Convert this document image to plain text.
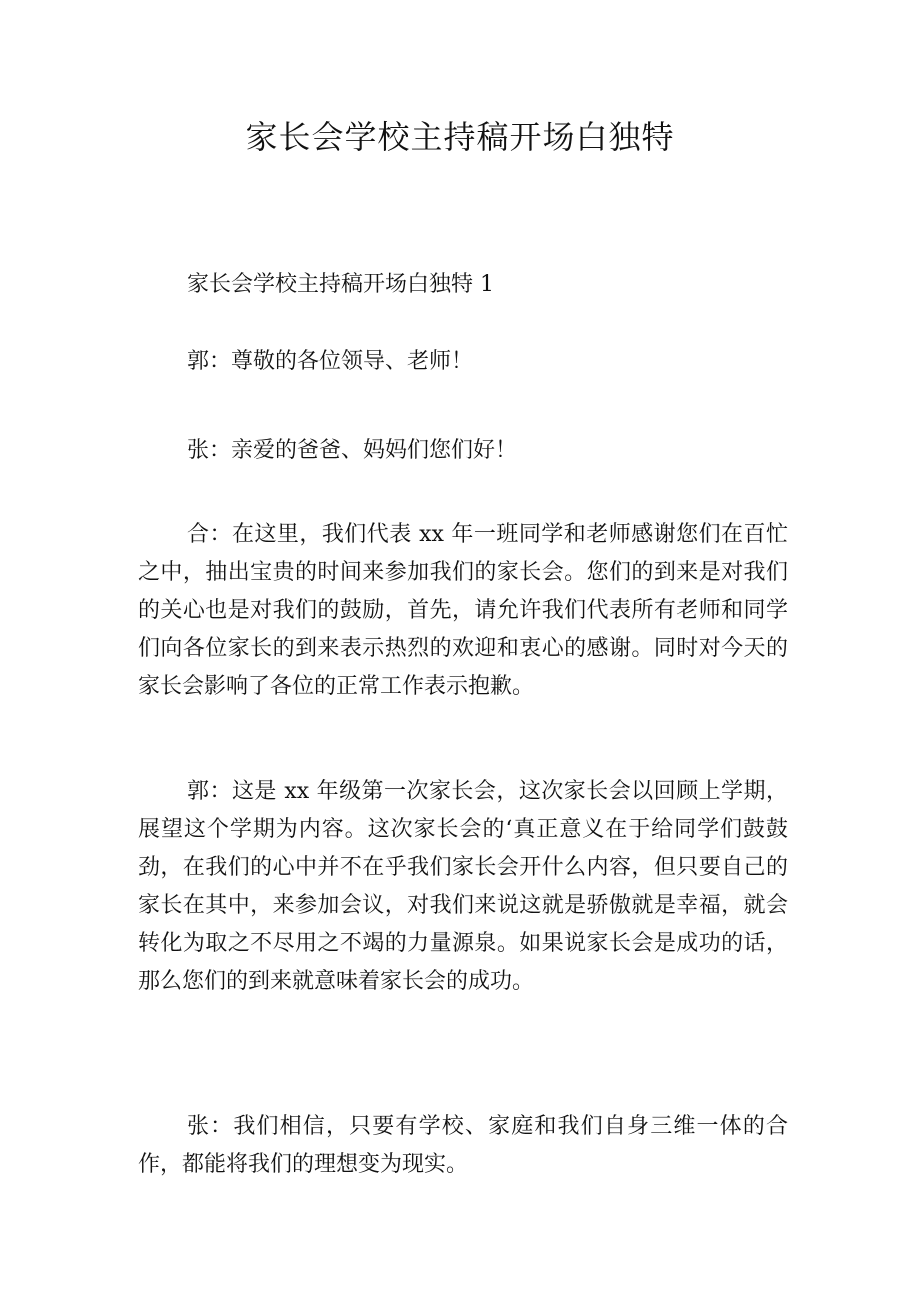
家长会学校主持稿开场白独特

家长会学校主持稿开场白独特 1

郭：尊敬的各位领导、老师！

张：亲爱的爸爸、妈妈们您们好！

合：在这里，我们代表 xx 年一班同学和老师感谢您们在百忙之中，抽出宝贵的时间来参加我们的家长会。您们的到来是对我们的关心也是对我们的鼓励，首先，请允许我们代表所有老师和同学们向各位家长的到来表示热烈的欢迎和衷心的感谢。同时对今天的家长会影响了各位的正常工作表示抱歉。

郭：这是 xx 年级第一次家长会，这次家长会以回顾上学期，展望这个学期为内容。这次家长会的‘真正意义在于给同学们鼓鼓劲，在我们的心中并不在乎我们家长会开什么内容，但只要自己的家长在其中，来参加会议，对我们来说这就是骄傲就是幸福，就会转化为取之不尽用之不竭的力量源泉。如果说家长会是成功的话，那么您们的到来就意味着家长会的成功。

张：我们相信，只要有学校、家庭和我们自身三维一体的合作，都能将我们的理想变为现实。
